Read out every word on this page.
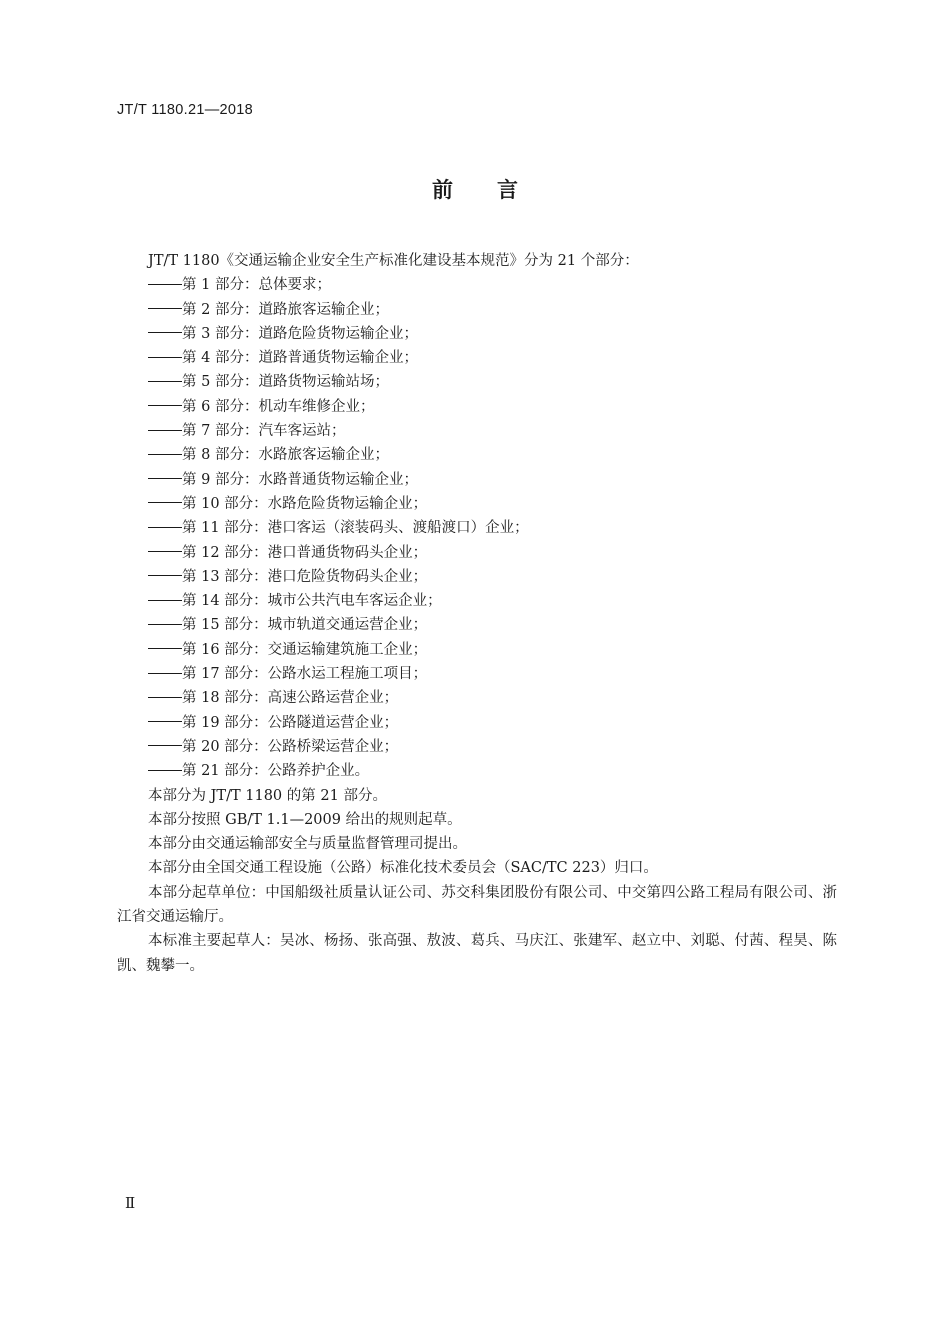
JT/T 1180.21—2018
前言

JT/T 1180《交通运输企业安全生产标准化建设基本规范》分为 21 个部分：

第 1 部分：总体要求；
第 2 部分：道路旅客运输企业；
第 3 部分：道路危险货物运输企业；
第 4 部分：道路普通货物运输企业；
第 5 部分：道路货物运输站场；
第 6 部分：机动车维修企业；
第 7 部分：汽车客运站；
第 8 部分：水路旅客运输企业；
第 9 部分：水路普通货物运输企业；
第 10 部分：水路危险货物运输企业；
第 11 部分：港口客运（滚装码头、渡船渡口）企业；
第 12 部分：港口普通货物码头企业；
第 13 部分：港口危险货物码头企业；
第 14 部分：城市公共汽电车客运企业；
第 15 部分：城市轨道交通运营企业；
第 16 部分：交通运输建筑施工企业；
第 17 部分：公路水运工程施工项目；
第 18 部分：高速公路运营企业；
第 19 部分：公路隧道运营企业；
第 20 部分：公路桥梁运营企业；
第 21 部分：公路养护企业。

本部分为 JT/T 1180 的第 21 部分。

本部分按照 GB/T 1.1—2009 给出的规则起草。

本部分由交通运输部安全与质量监督管理司提出。

本部分由全国交通工程设施（公路）标准化技术委员会（SAC/TC 223）归口。

本部分起草单位：中国船级社质量认证公司、苏交科集团股份有限公司、中交第四公路工程局有限公司、浙江省交通运输厅。

本标准主要起草人：吴冰、杨扬、张高强、敖波、葛兵、马庆江、张建军、赵立中、刘聪、付茜、程昊、陈凯、魏攀一。

Ⅱ
